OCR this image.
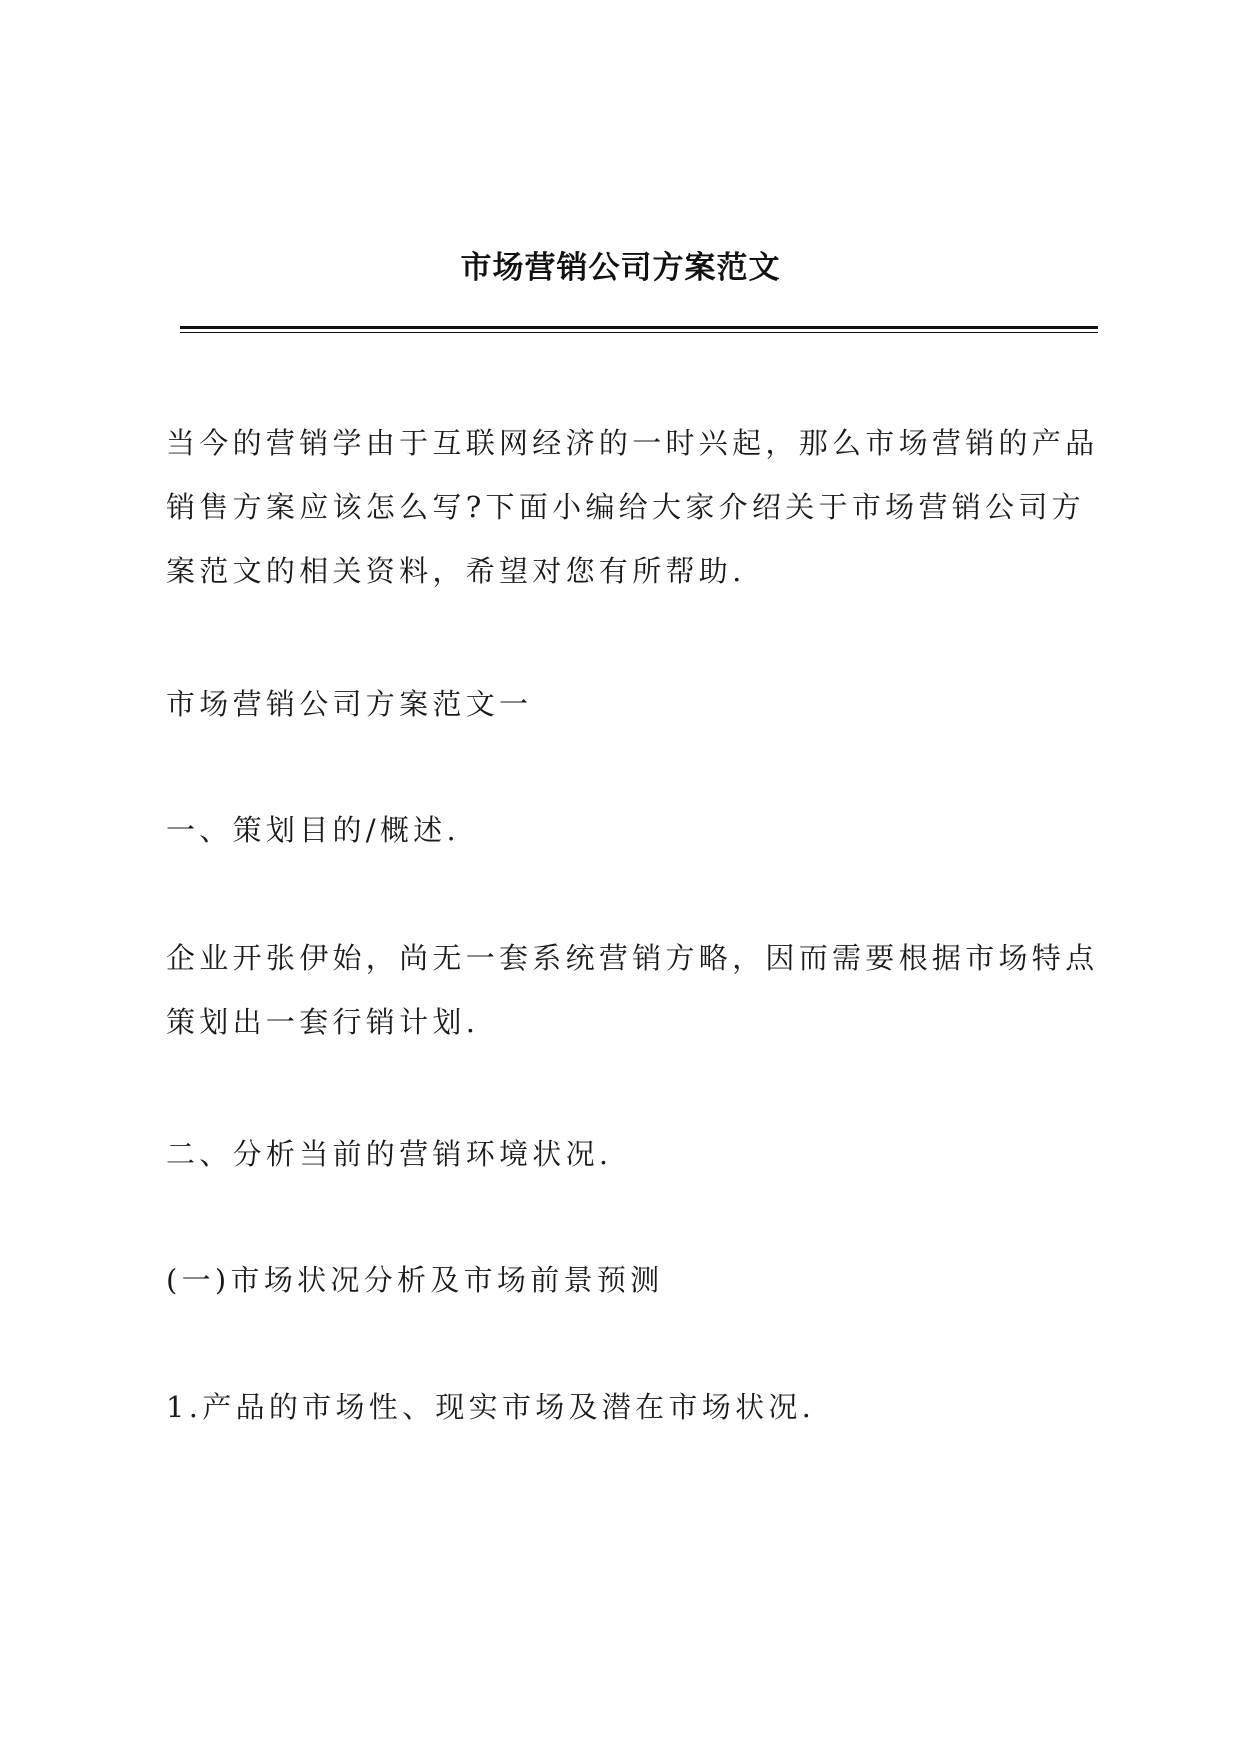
市场营销公司方案范文
当今的营销学由于互联网经济的一时兴起，那么市场营销的产品销售方案应该怎么写?下面小编给大家介绍关于市场营销公司方案范文的相关资料，希望对您有所帮助.
市场营销公司方案范文一
一、策划目的/概述.
企业开张伊始，尚无一套系统营销方略，因而需要根据市场特点策划出一套行销计划.
二、分析当前的营销环境状况.
(一)市场状况分析及市场前景预测
1.产品的市场性、现实市场及潜在市场状况.
